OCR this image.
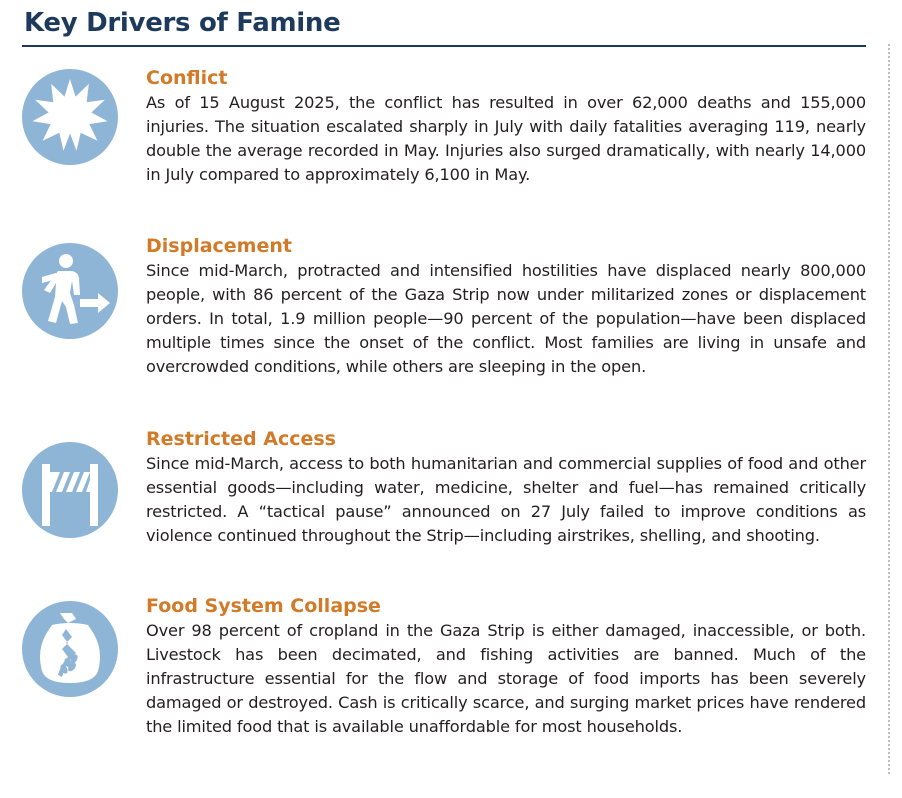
Key Drivers of Famine
Conflict
As of 15 August 2025, the conflict has resulted in over 62,000 deaths and 155,000 injuries. The situation escalated sharply in July with daily fatalities averaging 119, nearly double the average recorded in May. Injuries also surged dramatically, with nearly 14,000 in July compared to approximately 6,100 in May.
Displacement
Since mid-March, protracted and intensified hostilities have displaced nearly 800,000 people, with 86 percent of the Gaza Strip now under militarized zones or displacement orders. In total, 1.9 million people—90 percent of the population—have been displaced multiple times since the onset of the conflict. Most families are living in unsafe and overcrowded conditions, while others are sleeping in the open.
Restricted Access
Since mid-March, access to both humanitarian and commercial supplies of food and other essential goods—including water, medicine, shelter and fuel—has remained critically restricted. A “tactical pause” announced on 27 July failed to improve conditions as violence continued throughout the Strip—including airstrikes, shelling, and shooting.
Food System Collapse
Over 98 percent of cropland in the Gaza Strip is either damaged, inaccessible, or both. Livestock has been decimated, and fishing activities are banned. Much of the infrastructure essential for the flow and storage of food imports has been severely damaged or destroyed. Cash is critically scarce, and surging market prices have rendered the limited food that is available unaffordable for most households.
